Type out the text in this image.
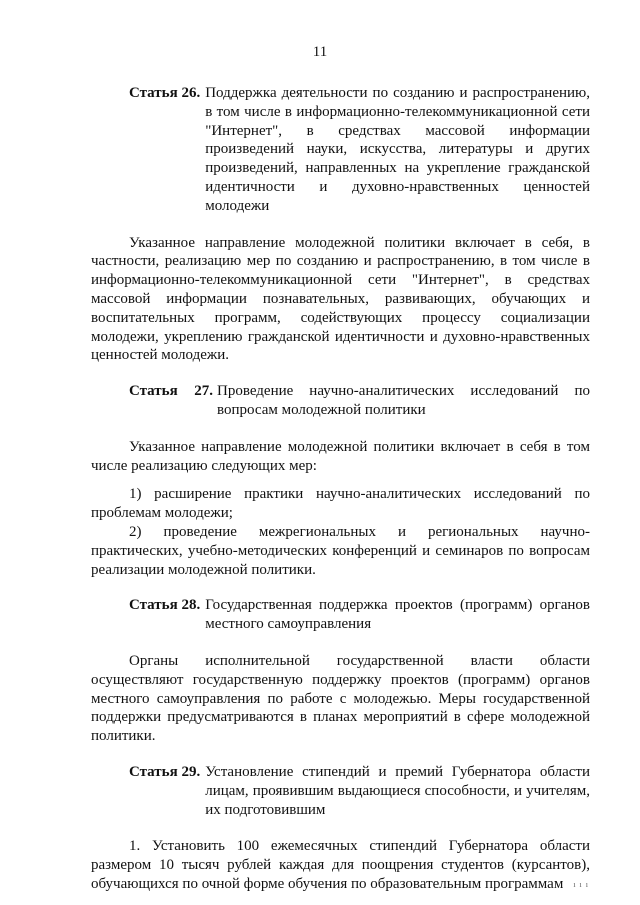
11
Статья 26. Поддержка деятельности по созданию и распространению, в том числе в информационно-телекоммуникационной сети "Интернет", в средствах массовой информации произведений науки, искусства, литературы и других произведений, направленных на укрепление гражданской идентичности и духовно-нравственных ценностей молодежи

Указанное направление молодежной политики включает в себя, в частности, реализацию мер по созданию и распространению, в том числе в информационно-телекоммуникационной сети "Интернет", в средствах массовой информации познавательных, развивающих, обучающих и воспитательных программ, содействующих процессу социализации молодежи, укреплению гражданской идентичности и духовно-нравственных ценностей молодежи.

Статья 27. Проведение научно-аналитических исследований по вопросам молодежной политики

Указанное направление молодежной политики включает в себя в том числе реализацию следующих мер:

1) расширение практики научно-аналитических исследований по проблемам молодежи;

2) проведение межрегиональных и региональных научно-практических, учебно-методических конференций и семинаров по вопросам реализации молодежной политики.

Статья 28. Государственная поддержка проектов (программ) органов местного самоуправления

Органы исполнительной государственной власти области осуществляют государственную поддержку проектов (программ) органов местного самоуправления по работе с молодежью. Меры государственной поддержки предусматриваются в планах мероприятий в сфере молодежной политики.

Статья 29. Установление стипендий и премий Губернатора области лицам, проявившим выдающиеся способности, и учителям, их подготовившим

1. Установить 100 ежемесячных стипендий Губернатора области размером 10 тысяч рублей каждая для поощрения студентов (курсантов), обучающихся по очной форме обучения по образовательным программам	ı ı ı
